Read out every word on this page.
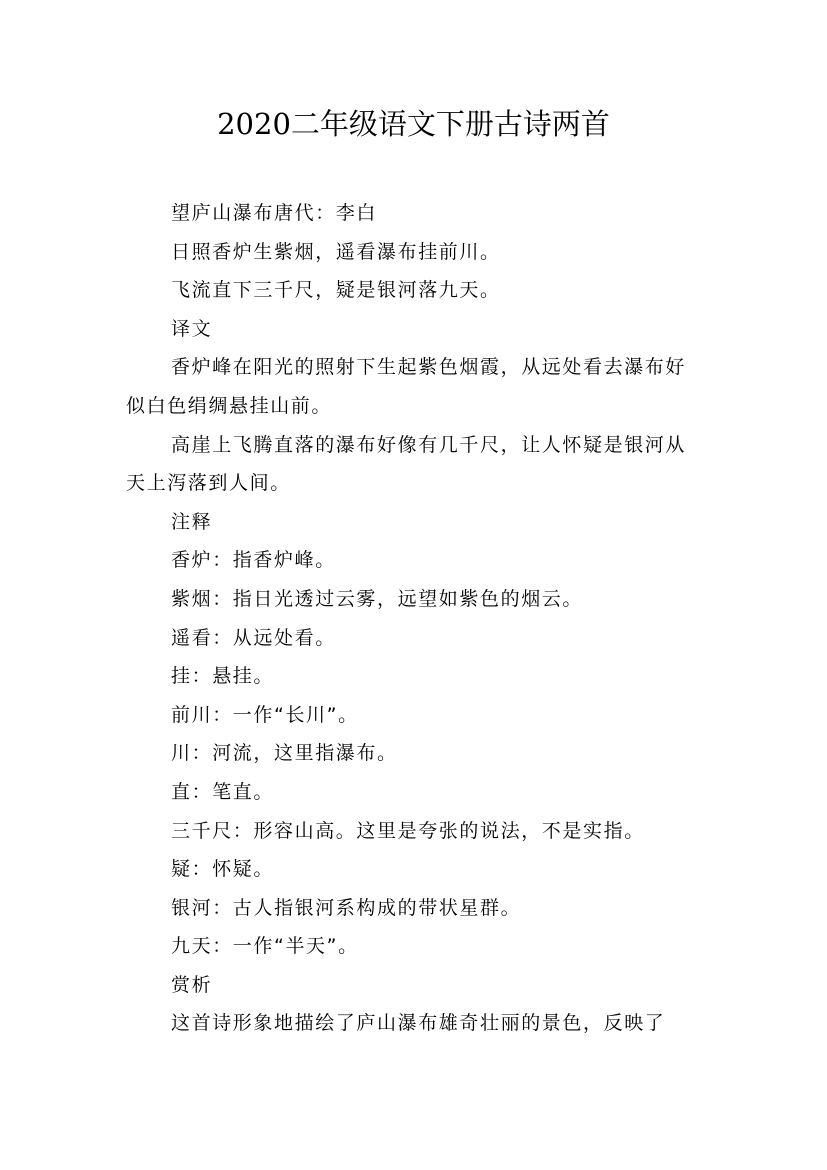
2020二年级语文下册古诗两首

望庐山瀑布唐代：李白

日照香炉生紫烟，遥看瀑布挂前川。

飞流直下三千尺，疑是银河落九天。

译文

香炉峰在阳光的照射下生起紫色烟霞，从远处看去瀑布好似白色绢绸悬挂山前。

高崖上飞腾直落的瀑布好像有几千尺，让人怀疑是银河从天上泻落到人间。

注释

香炉：指香炉峰。

紫烟：指日光透过云雾，远望如紫色的烟云。

遥看：从远处看。

挂：悬挂。

前川：一作“长川”。

川：河流，这里指瀑布。

直：笔直。

三千尺：形容山高。这里是夸张的说法，不是实指。

疑：怀疑。

银河：古人指银河系构成的带状星群。

九天：一作“半天”。

赏析

这首诗形象地描绘了庐山瀑布雄奇壮丽的景色，反映了
